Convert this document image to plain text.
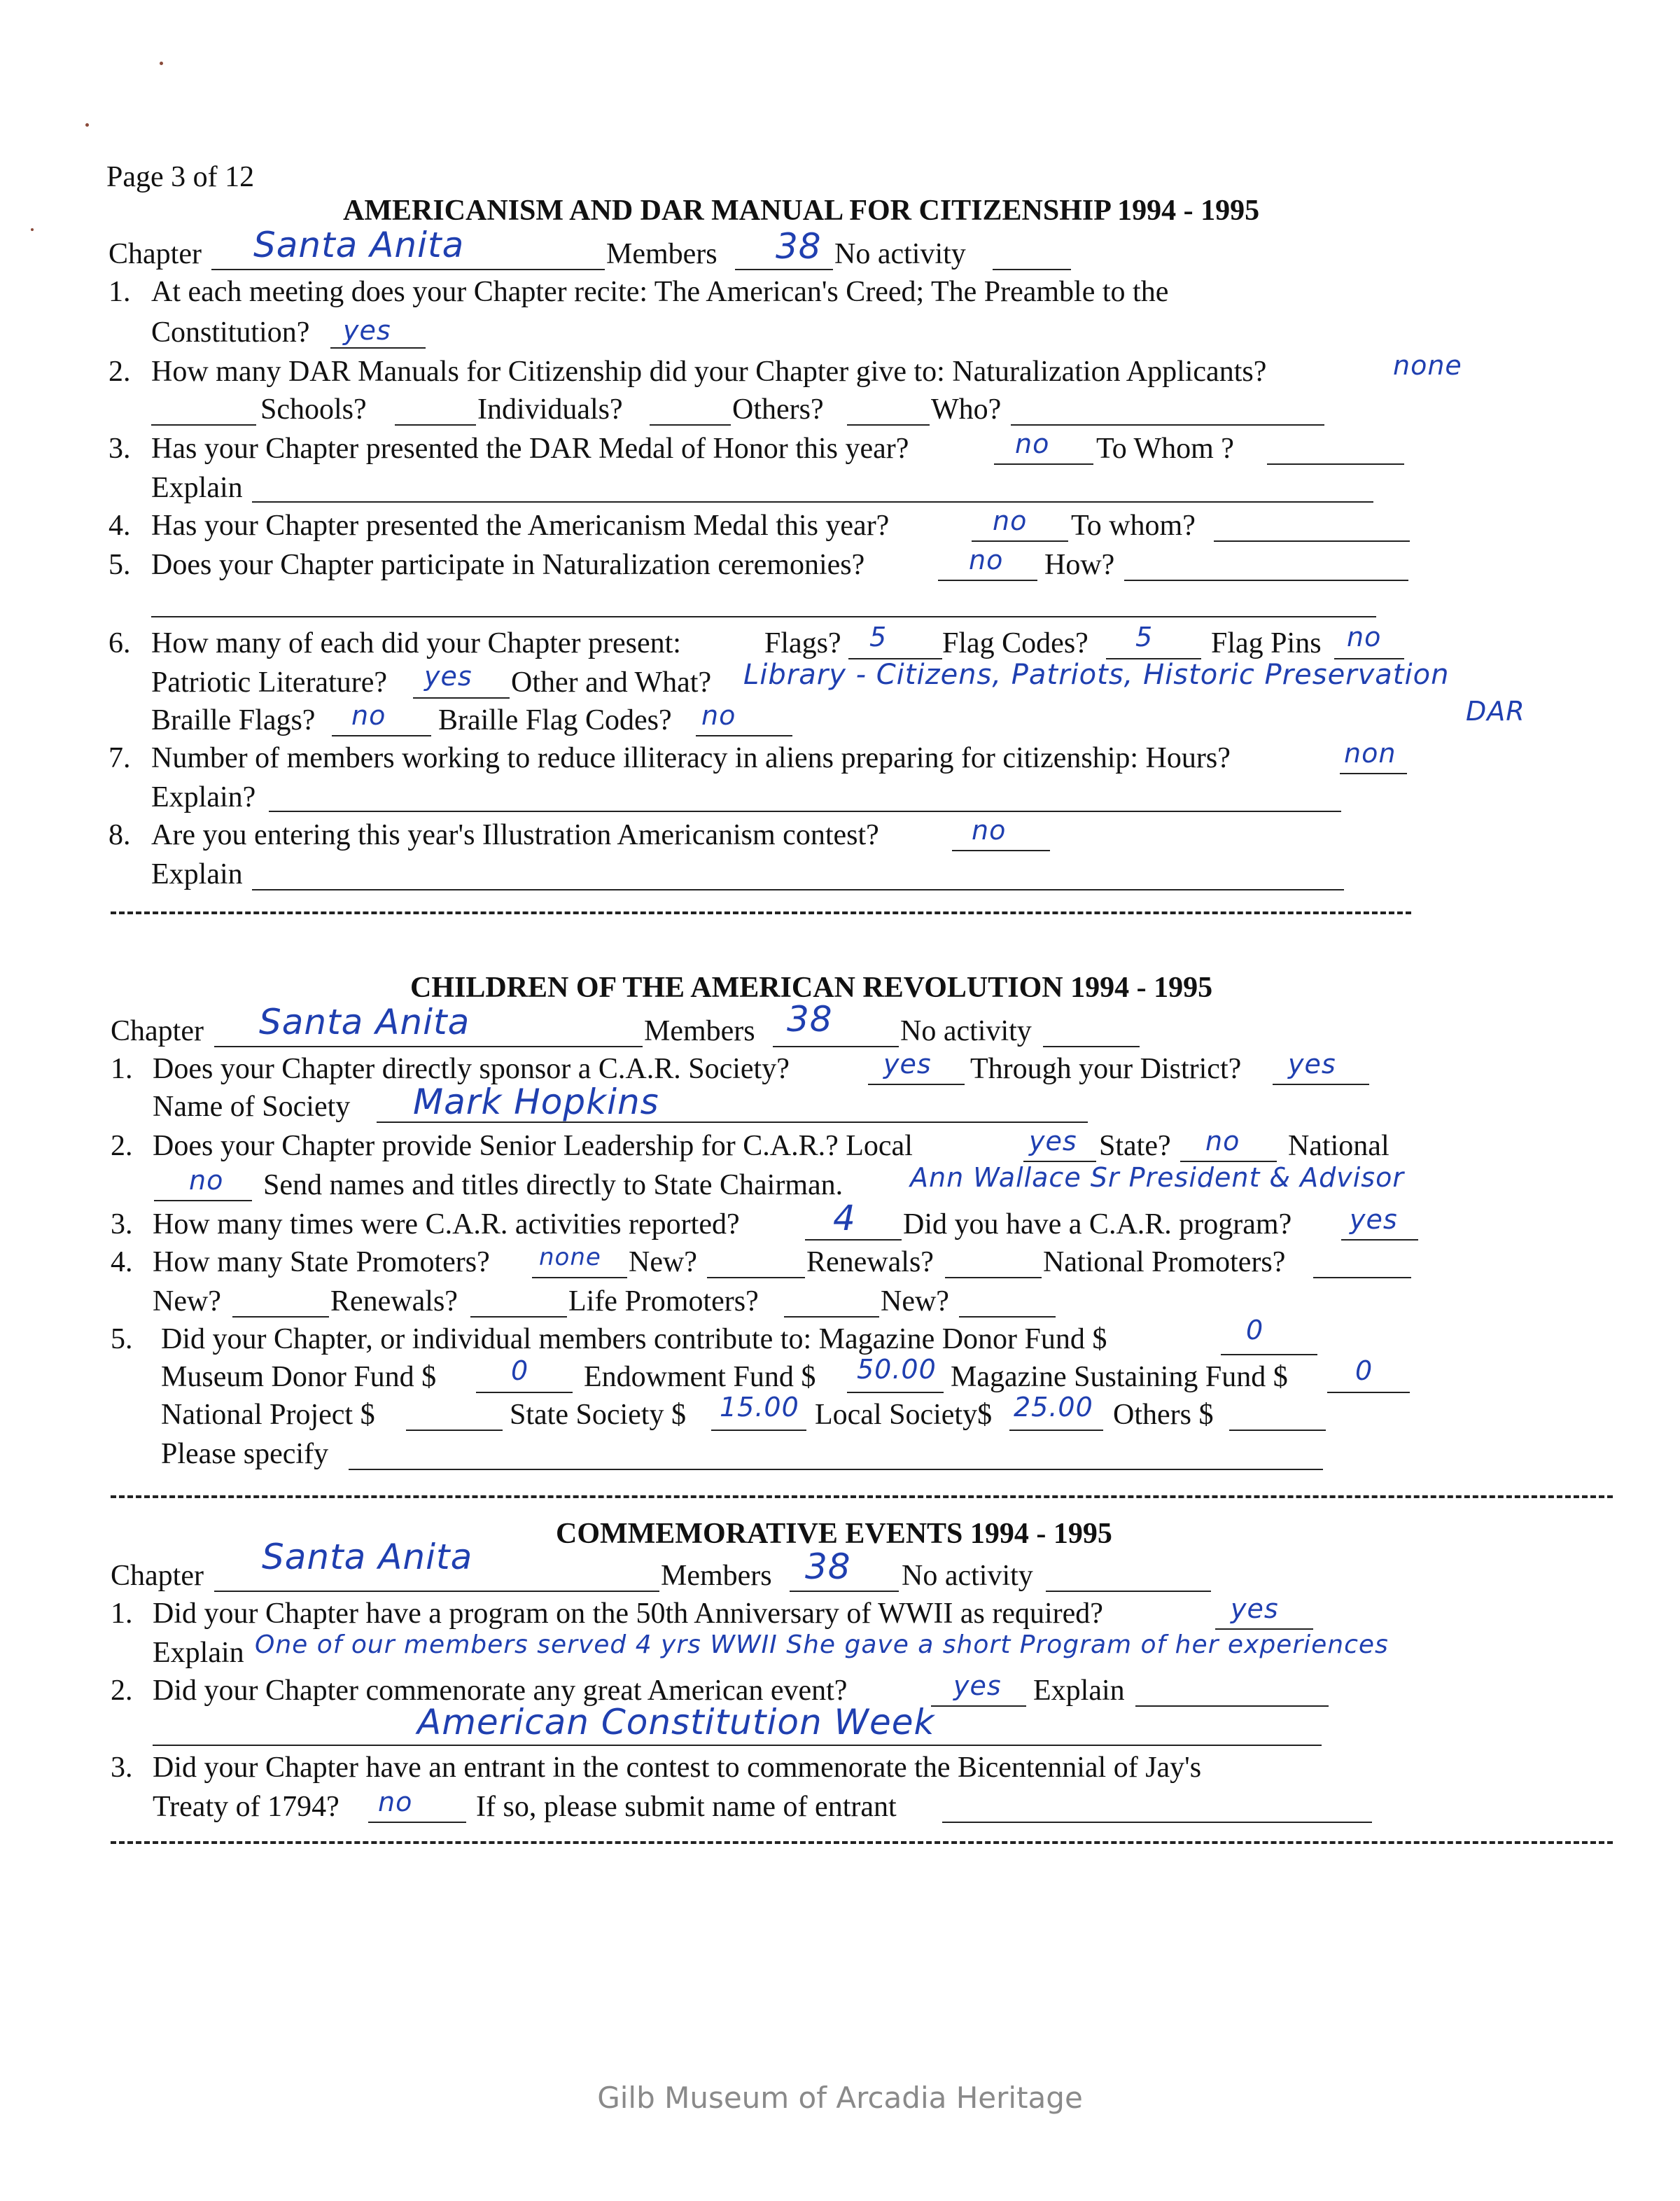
Page 3 of 12
AMERICANISM AND DAR MANUAL FOR CITIZENSHIP 1994 - 1995
Chapter Santa Anita	Members 38 No activity
1. At each meeting does your Chapter recite: The American's Creed; The Preamble to the
Constitution? yes
2. How many DAR Manuals for Citizenship did your Chapter give to: Naturalization Applicants?	none
Schools?	Individuals?	Others?	Who?
3. Has your Chapter presented the DAR Medal of Honor this year?	no To Whom ?
Explain
4. Has your Chapter presented the Americanism Medal this year?	no To whom?
5. Does your Chapter participate in Naturalization ceremonies?	no How?
6. How many of each did your Chapter present:	Flags? 5 Flag Codes? 5 Flag Pins no
Patriotic Literature? yes Other and What? Library - Citizens, Patriots, Historic Preservation
DAR
Braille Flags? no Braille Flag Codes? no
7. Number of members working to reduce illiteracy in aliens preparing for citizenship: Hours?	non
Explain?
8. Are you entering this year's Illustration Americanism contest?	no
Explain
CHILDREN OF THE AMERICAN REVOLUTION 1994 - 1995
Chapter Santa Anita	Members 38 No activity
1. Does your Chapter directly sponsor a C.A.R. Society?	yes Through your District? yes
Name of Society Mark Hopkins
2. Does your Chapter provide Senior Leadership for C.A.R.? Local	yes State? no National
no Send names and titles directly to State Chairman.	Ann Wallace Sr President & Advisor
3. How many times were C.A.R. activities reported?	4 Did you have a C.A.R. program? yes
4. How many State Promoters? none New?	Renewals?	National Promoters?
New?	Renewals?	Life Promoters?	New?
5. Did your Chapter, or individual members contribute to: Magazine Donor Fund $	0
Museum Donor Fund $	0 Endowment Fund $ 50.00 Magazine Sustaining Fund $	0
National Project $	State Society $ 15.00 Local Society$ 25.00 Others $
Please specify
COMMEMORATIVE EVENTS 1994 - 1995
Chapter Santa Anita	Members 38 No activity
1. Did your Chapter have a program on the 50th Anniversary of WWII as required?	yes
Explain One of our members served 4 yrs WWII She gave a short Program of her experiences
2. Did your Chapter commenorate any great American event?	yes Explain
American Constitution Week
3. Did your Chapter have an entrant in the contest to commenorate the Bicentennial of Jay's
Treaty of 1794? no If so, please submit name of entrant
Gilb Museum of Arcadia Heritage
